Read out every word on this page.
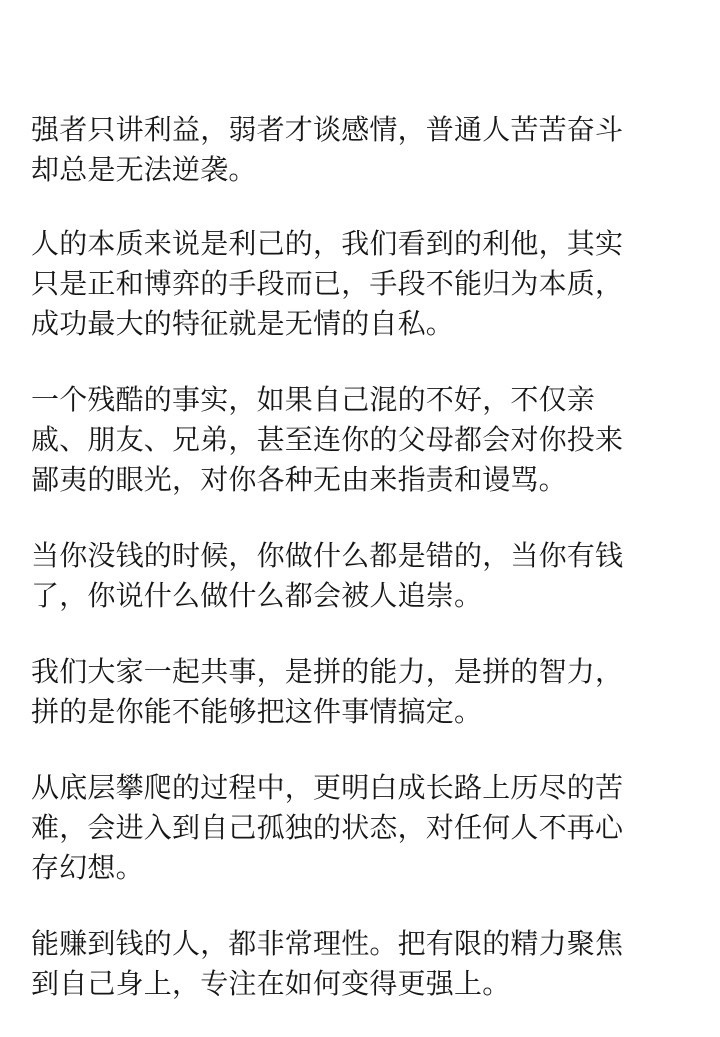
强者只讲利益，弱者才谈感情，普通人苦苦奋斗
却总是无法逆袭。
人的本质来说是利己的，我们看到的利他，其实
只是正和博弈的手段而已，手段不能归为本质，
成功最大的特征就是无情的自私。
一个残酷的事实，如果自己混的不好，不仅亲
戚、朋友、兄弟，甚至连你的父母都会对你投来
鄙夷的眼光，对你各种无由来指责和谩骂。
当你没钱的时候，你做什么都是错的，当你有钱
了，你说什么做什么都会被人追崇。
我们大家一起共事，是拼的能力，是拼的智力，
拼的是你能不能够把这件事情搞定。
从底层攀爬的过程中，更明白成长路上历尽的苦
难，会进入到自己孤独的状态，对任何人不再心
存幻想。
能赚到钱的人，都非常理性。把有限的精力聚焦
到自己身上，专注在如何变得更强上。
